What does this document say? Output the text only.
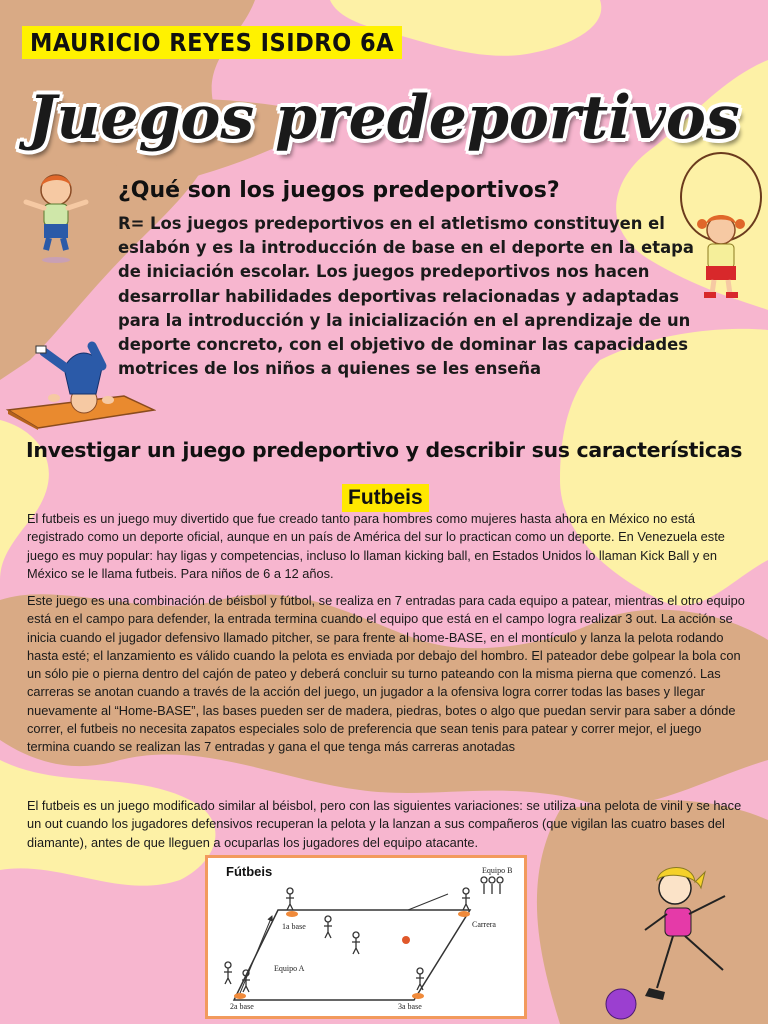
MAURICIO REYES ISIDRO 6A
Juegos predeportivos
¿Qué son los juegos predeportivos?
R= Los juegos predeportivos en el atletismo constituyen el eslabón y es la introducción de base en el deporte en la etapa de iniciación escolar. Los juegos predeportivos nos hacen desarrollar habilidades deportivas relacionadas y adaptadas para la introducción y la inicialización en el aprendizaje de un deporte concreto, con el objetivo de dominar las capacidades motrices de los niños a quienes se les enseña
Investigar un juego predeportivo y describir sus características
Futbeis
El futbeis es un juego muy divertido que fue creado tanto para hombres como mujeres hasta ahora en México no está registrado como un deporte oficial, aunque en un país de América del sur lo practican como un deporte. En Venezuela este juego es muy popular: hay ligas y competencias, incluso lo llaman kicking ball, en Estados Unidos lo llaman Kick Ball y en México se le llama futbeis. Para niños de 6 a 12 años.
Este juego es una combinación de béisbol y fútbol, se realiza en 7 entradas para cada equipo a patear, mientras el otro equipo está en el campo para defender, la entrada termina cuando el equipo que está en el campo logra realizar 3 out. La acción se inicia cuando el jugador defensivo llamado pitcher, se para frente al home-BASE, en el montículo y lanza la pelota rodando hasta esté; el lanzamiento es válido cuando la pelota es enviada por debajo del hombro. El pateador debe golpear la bola con un sólo pie o pierna dentro del cajón de pateo y deberá concluir su turno pateando con la misma pierna que comenzó. Las carreras se anotan cuando a través de la acción del juego, un jugador a la ofensiva logra correr todas las bases y llegar nuevamente al “Home-BASE”, las bases pueden ser de madera, piedras, botes o algo que puedan servir para saber a dónde correr, el futbeis no necesita zapatos especiales solo de preferencia que sean tenis para patear y correr mejor, el juego termina cuando se realizan las 7 entradas y gana el que tenga más carreras anotadas
El futbeis es un juego modificado similar al béisbol, pero con las siguientes variaciones: se utiliza una pelota de vinil y se hace un out cuando los jugadores defensivos recuperan la pelota y la lanzan a sus compañeros (que vigilan las cuatro bases del diamante), antes de que lleguen a ocuparlas los jugadores del equipo atacante.
Fútbeis	Equipo B
1a base	Carrera
Equipo A
2a base	3a base
